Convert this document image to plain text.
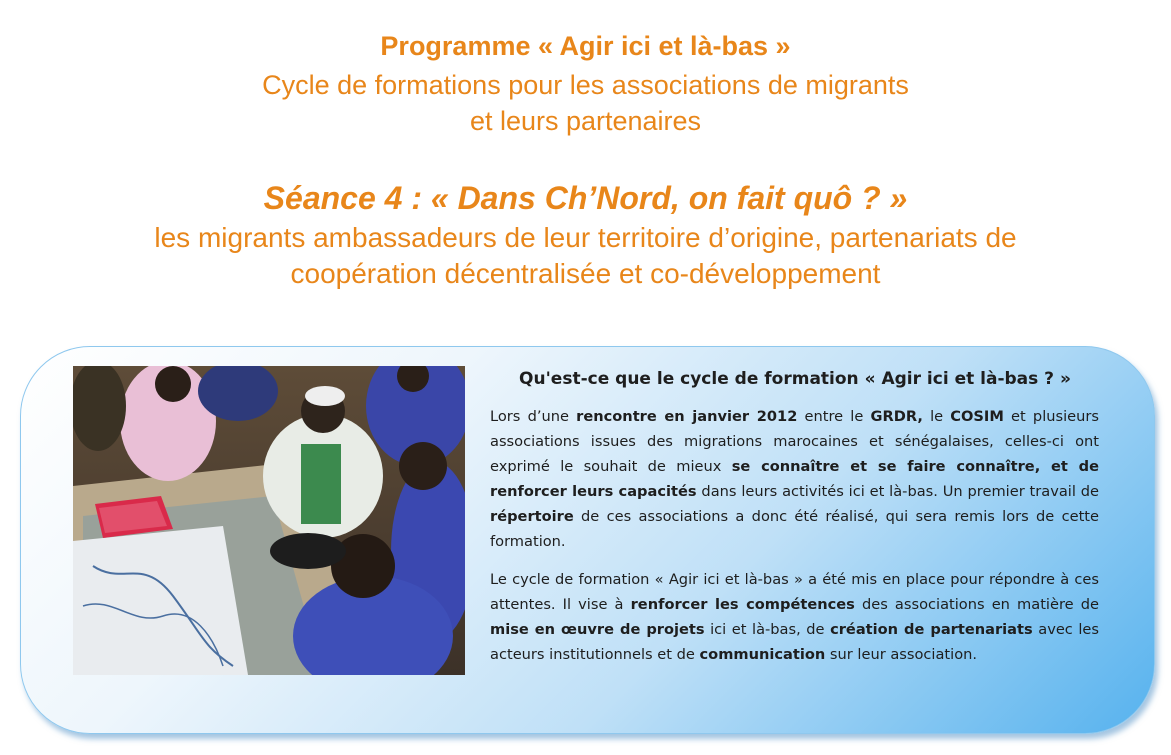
Programme « Agir ici et là-bas »
Cycle de formations pour les associations de migrants
et leurs partenaires
Séance 4 : « Dans Ch’Nord, on fait quô ? »
les migrants ambassadeurs de leur territoire d’origine, partenariats de
coopération décentralisée et co-développement
Qu'est-ce que le cycle de formation « Agir ici et là-bas ? »

Lors d’une rencontre en janvier 2012 entre le GRDR, le COSIM et plusieurs associations issues des migrations marocaines et sénégalaises, celles-ci ont exprimé le souhait de mieux se connaître et se faire connaître, et de renforcer leurs capacités dans leurs activités ici et là-bas. Un premier travail de répertoire de ces associations a donc été réalisé, qui sera remis lors de cette formation.

Le cycle de formation « Agir ici et là-bas » a été mis en place pour répondre à ces attentes. Il vise à renforcer les compétences des associations en matière de mise en œuvre de projets ici et là-bas, de création de partenariats avec les acteurs institutionnels et de communication sur leur association.
